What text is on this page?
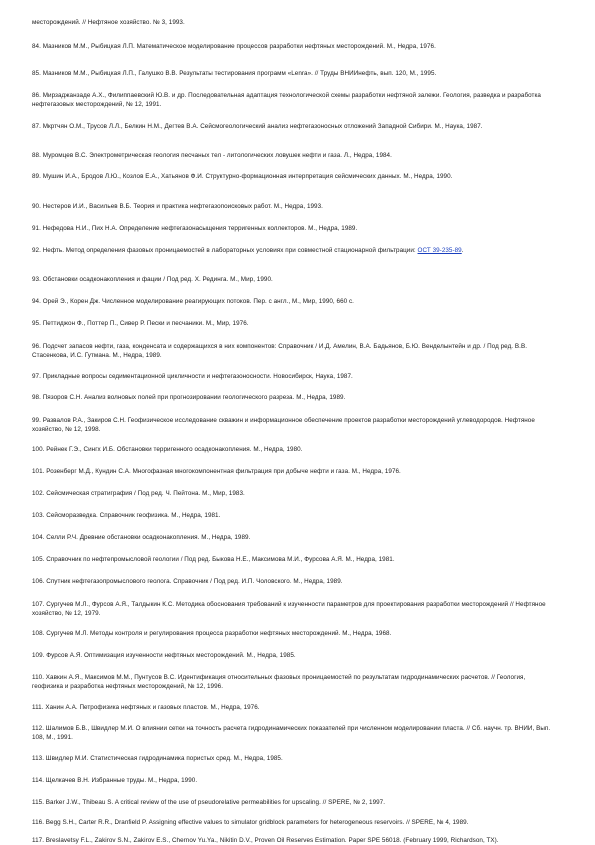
месторождений. // Нефтяное хозяйство. № 3, 1993.

84. Мазников М.М., Рыбицкая Л.П. Математическое моделирование процессов разработки нефтяных месторождений. М., Недра, 1976.

85. Мазников М.М., Рыбицкая Л.П., Галушко В.В. Результаты тестирования программ «Lenra». // Труды ВНИИнефть, вып. 120, М., 1995.

86. Мирзаджанзаде А.Х., Филиппаевский Ю.В. и др. Последовательная адаптация технологической схемы разработки нефтяной залежи. Геология, разведка и разработка нефтегазовых месторождений, № 12, 1991.

87. Мкртчян О.М., Трусов Л.Л., Белкин Н.М., Дегтев В.А. Сейсмогеологический анализ нефтегазоносных отложений Западной Сибири. М., Наука, 1987.

88. Муромцев В.С. Электрометрическая геология песчаных тел - литологических ловушек нефти и газа. Л., Недра, 1984.

89. Мушин И.А., Бродов Л.Ю., Козлов Е.А., Хатьянов Ф.И. Структурно-формационная интерпретация сейсмических данных. М., Недра, 1990.

90. Нестеров И.И., Васильев В.Б. Теория и практика нефтегазопоисковых работ. М., Недра, 1993.

91. Нефедова Н.И., Пих Н.А. Определение нефтегазонасыщения терригенных коллекторов. М., Недра, 1989.

92. Нефть. Метод определения фазовых проницаемостей в лабораторных условиях при совместной стационарной фильтрации: ОСТ 39-235-89.

93. Обстановки осадконакопления и фации / Под ред. Х. Рединга. М., Мир, 1990.

94. Орей Э., Корен Дж. Численное моделирование реагирующих потоков. Пер. с англ., М., Мир, 1990, 660 с.

95. Петтиджон Ф., Поттер П., Сивер Р. Пески и песчаники. М., Мир, 1976.

96. Подсчет запасов нефти, газа, конденсата и содержащихся в них компонентов: Справочник / И.Д. Амелин, В.А. Бадьянов, Б.Ю. Венделынтейн и др. / Под ред. В.В. Стасенкова, И.С. Гутмана. М., Недра, 1989.

97. Прикладные вопросы седиментационной цикличности и нефтегазоносности. Новосибирск, Наука, 1987.

98. Пязоров С.Н. Анализ волновых полей при прогнозировании геологического разреза. М., Недра, 1989.

99. Развалов Р.А., Закиров С.Н. Геофизическое исследование скважин и информационное обеспечение проектов разработки месторождений углеводородов. Нефтяное хозяйство, № 12, 1998.

100. Рейнек Г.Э., Сингх И.Б. Обстановки терригенного осадконакопления. М., Недра, 1980.

101. Розенберг М.Д., Кундин С.А. Многофазная многокомпонентная фильтрация при добыче нефти и газа. М., Недра, 1976.

102. Сейсмическая стратиграфия / Под ред. Ч. Пейтона. М., Мир, 1983.

103. Сейсморазведка. Справочник геофизика. М., Недра, 1981.

104. Селли Р.Ч. Древние обстановки осадконакопления. М., Недра, 1989.

105. Справочник по нефтепромысловой геологии / Под ред. Быкова Н.Е., Максимова М.И., Фурсова А.Я. М., Недра, 1981.

106. Спутник нефтегазопромыслового геолога. Справочник / Под ред. И.П. Чоловского. М., Недра, 1989.

107. Сургучев М.Л., Фурсов А.Я., Талдыкин К.С. Методика обоснования требований к изученности параметров для проектирования разработки месторождений // Нефтяное хозяйство, № 12, 1979.

108. Сургучев М.Л. Методы контроля и регулирования процесса разработки нефтяных месторождений. М., Недра, 1968.

109. Фурсов А.Я. Оптимизация изученности нефтяных месторождений. М., Недра, 1985.

110. Хавкин А.Я., Максимов М.М., Пунтусов В.С. Идентификация относительных фазовых проницаемостей по результатам гидродинамических расчетов. // Геология, геофизика и разработка нефтяных месторождений, № 12, 1996.

111. Ханин А.А. Петрофизика нефтяных и газовых пластов. М., Недра, 1976.

112. Шалимов Б.В., Швидлер М.И. О влиянии сетки на точность расчета гидродинамических показателей при численном моделировании пласта. // Сб. научн. тр. ВНИИ, Вып. 108, М., 1991.

113. Швидлер М.И. Статистическая гидродинамика пористых сред. М., Недра, 1985.

114. Щелкачев В.Н. Избранные труды. М., Недра, 1990.

115. Barker J.W., Thibeau S. A critical review of the use of pseudorelative permeabilities for upscaling. // SPERE, № 2, 1997.

116. Begg S.H., Carter R.R., Dranfield P. Assigning effective values to simulator gridblock parameters for heterogeneous reservoirs. // SPERE, № 4, 1989.

117. Breslavetsy F.L., Zakirov S.N., Zakirov E.S., Chernov Yu.Ya., Nikitin D.V., Proven Oil Reserves Estimation. Paper SPE 56018. (February 1999, Richardson, TX).
